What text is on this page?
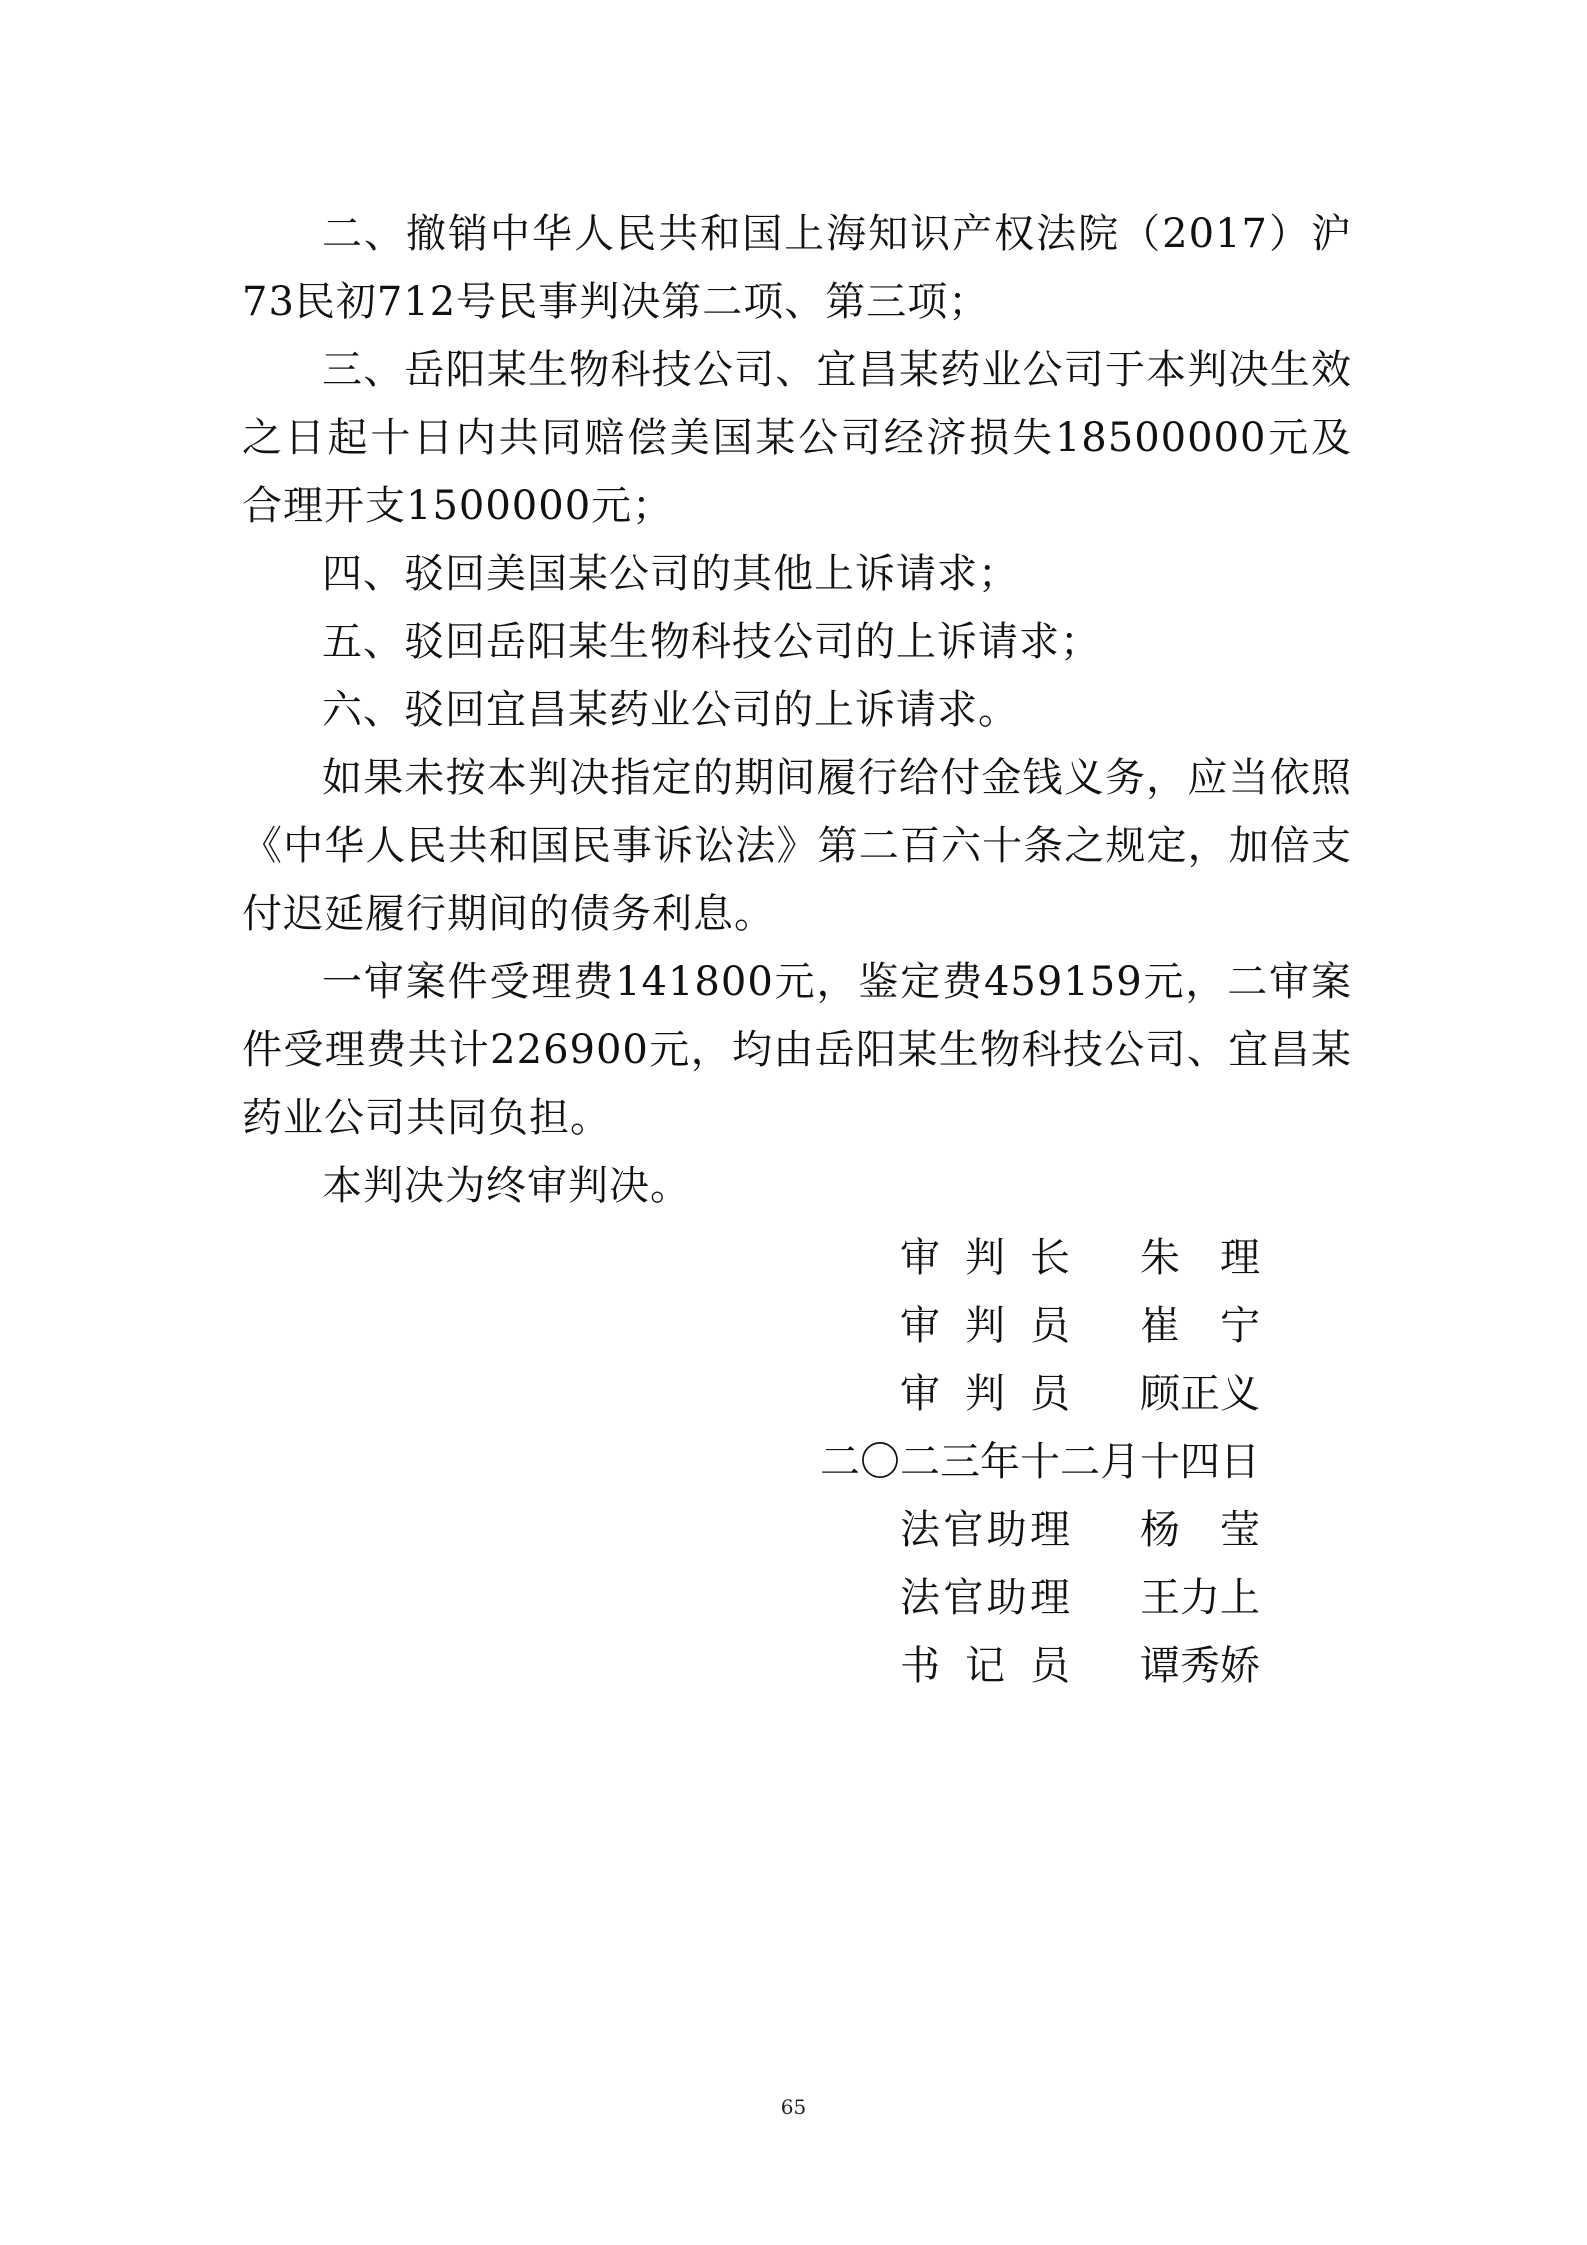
二、撤销中华人民共和国上海知识产权法院（2017）沪73民初712号民事判决第二项、第三项；

三、岳阳某生物科技公司、宜昌某药业公司于本判决生效之日起十日内共同赔偿美国某公司经济损失18500000元及合理开支1500000元；

四、驳回美国某公司的其他上诉请求；

五、驳回岳阳某生物科技公司的上诉请求；

六、驳回宜昌某药业公司的上诉请求。

如果未按本判决指定的期间履行给付金钱义务，应当依照《中华人民共和国民事诉讼法》第二百六十条之规定，加倍支付迟延履行期间的债务利息。

一审案件受理费141800元，鉴定费459159元，二审案件受理费共计226900元，均由岳阳某生物科技公司、宜昌某药业公司共同负担。

本判决为终审判决。

审判长 朱理
审判员 崔宁
审判员 顾正义
二〇二三年十二月十四日
法官助理 杨莹
法官助理 王力上
书记员 谭秀娇
65
